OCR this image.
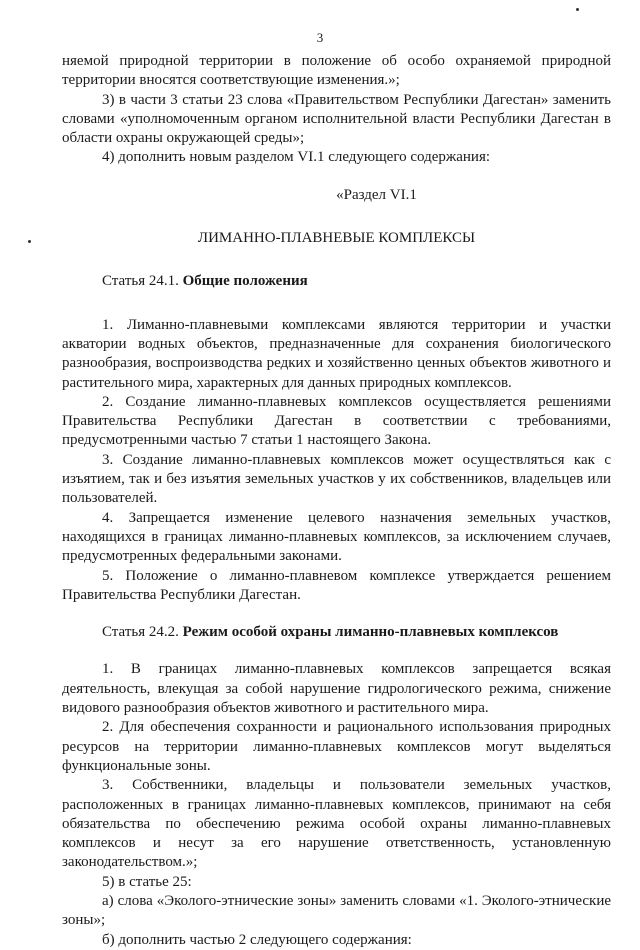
3

няемой природной территории в положение об особо охраняемой природной территории вносятся соответствующие изменения.»;

3) в части 3 статьи 23 слова «Правительством Республики Дагестан» заменить словами «уполномоченным органом исполнительной власти Республики Дагестан в области охраны окружающей среды»;

4) дополнить новым разделом VI.1 следующего содержания:

«Раздел VI.1

ЛИМАННО-ПЛАВНЕВЫЕ КОМПЛЕКСЫ

Статья 24.1. Общие положения

1. Лиманно-плавневыми комплексами являются территории и участки акватории водных объектов, предназначенные для сохранения биологического разнообразия, воспроизводства редких и хозяйственно ценных объектов животного и растительного мира, характерных для данных природных комплексов.

2. Создание лиманно-плавневых комплексов осуществляется решениями Правительства Республики Дагестан в соответствии с требованиями, предусмотренными частью 7 статьи 1 настоящего Закона.

3. Создание лиманно-плавневых комплексов может осуществляться как с изъятием, так и без изъятия земельных участков у их собственников, владельцев или пользователей.

4. Запрещается изменение целевого назначения земельных участков, находящихся в границах лиманно-плавневых комплексов, за исключением случаев, предусмотренных федеральными законами.

5. Положение о лиманно-плавневом комплексе утверждается решением Правительства Республики Дагестан.

Статья 24.2. Режим особой охраны лиманно-плавневых комплексов

1. В границах лиманно-плавневых комплексов запрещается всякая деятельность, влекущая за собой нарушение гидрологического режима, снижение видового разнообразия объектов животного и растительного мира.

2. Для обеспечения сохранности и рационального использования природных ресурсов на территории лиманно-плавневых комплексов могут выделяться функциональные зоны.

3. Собственники, владельцы и пользователи земельных участков, расположенных в границах лиманно-плавневых комплексов, принимают на себя обязательства по обеспечению режима особой охраны лиманно-плавневых комплексов и несут за его нарушение ответственность, установленную законодательством.»;

5) в статье 25:

а) слова «Эколого-этнические зоны» заменить словами «1. Эколого-этнические зоны»;

б) дополнить частью 2 следующего содержания:
